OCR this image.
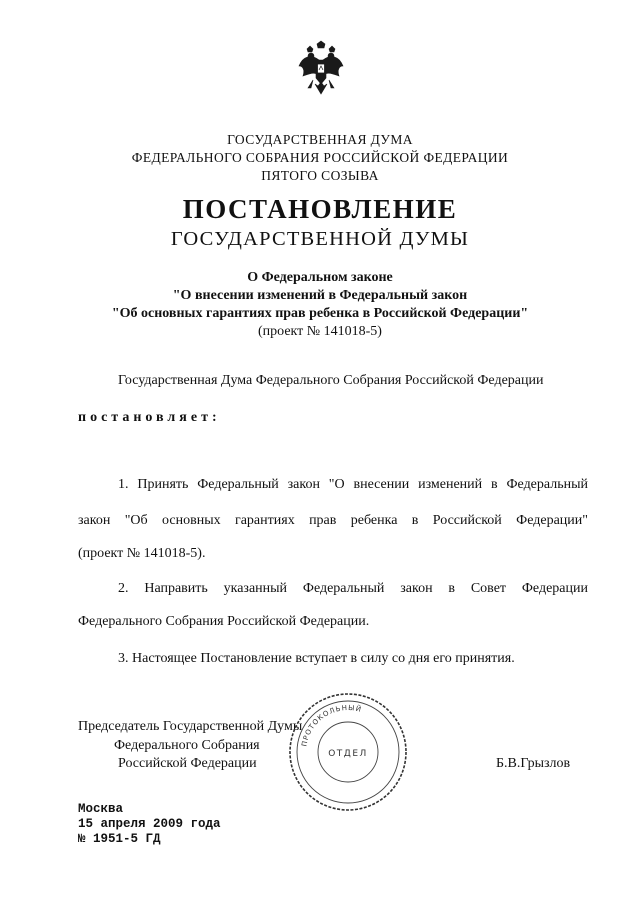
ГОСУДАРСТВЕННАЯ ДУМА
ФЕДЕРАЛЬНОГО СОБРАНИЯ РОССИЙСКОЙ ФЕДЕРАЦИИ
ПЯТОГО СОЗЫВА
ПОСТАНОВЛЕНИЕ
ГОСУДАРСТВЕННОЙ ДУМЫ
О Федеральном законе
"О внесении изменений в Федеральный закон
"Об основных гарантиях прав ребенка в Российской Федерации"
(проект № 141018-5)
Государственная Дума Федерального Собрания Российской Федерации
постановляет:
1. Принять Федеральный закон "О внесении изменений в Федеральный
закон "Об основных гарантиях прав ребенка в Российской Федерации"
(проект № 141018-5).
2. Направить указанный Федеральный закон в Совет Федерации
Федерального Собрания Российской Федерации.
3. Настоящее Постановление вступает в силу со дня его принятия.
Председатель Государственной Думы
Федерального Собрания
Российской Федерации	Б.В.Грызлов
ПРОТОКОЛЬНЫЙ
ОТДЕЛ
Москва
15 апреля 2009 года
№ 1951-5 ГД
